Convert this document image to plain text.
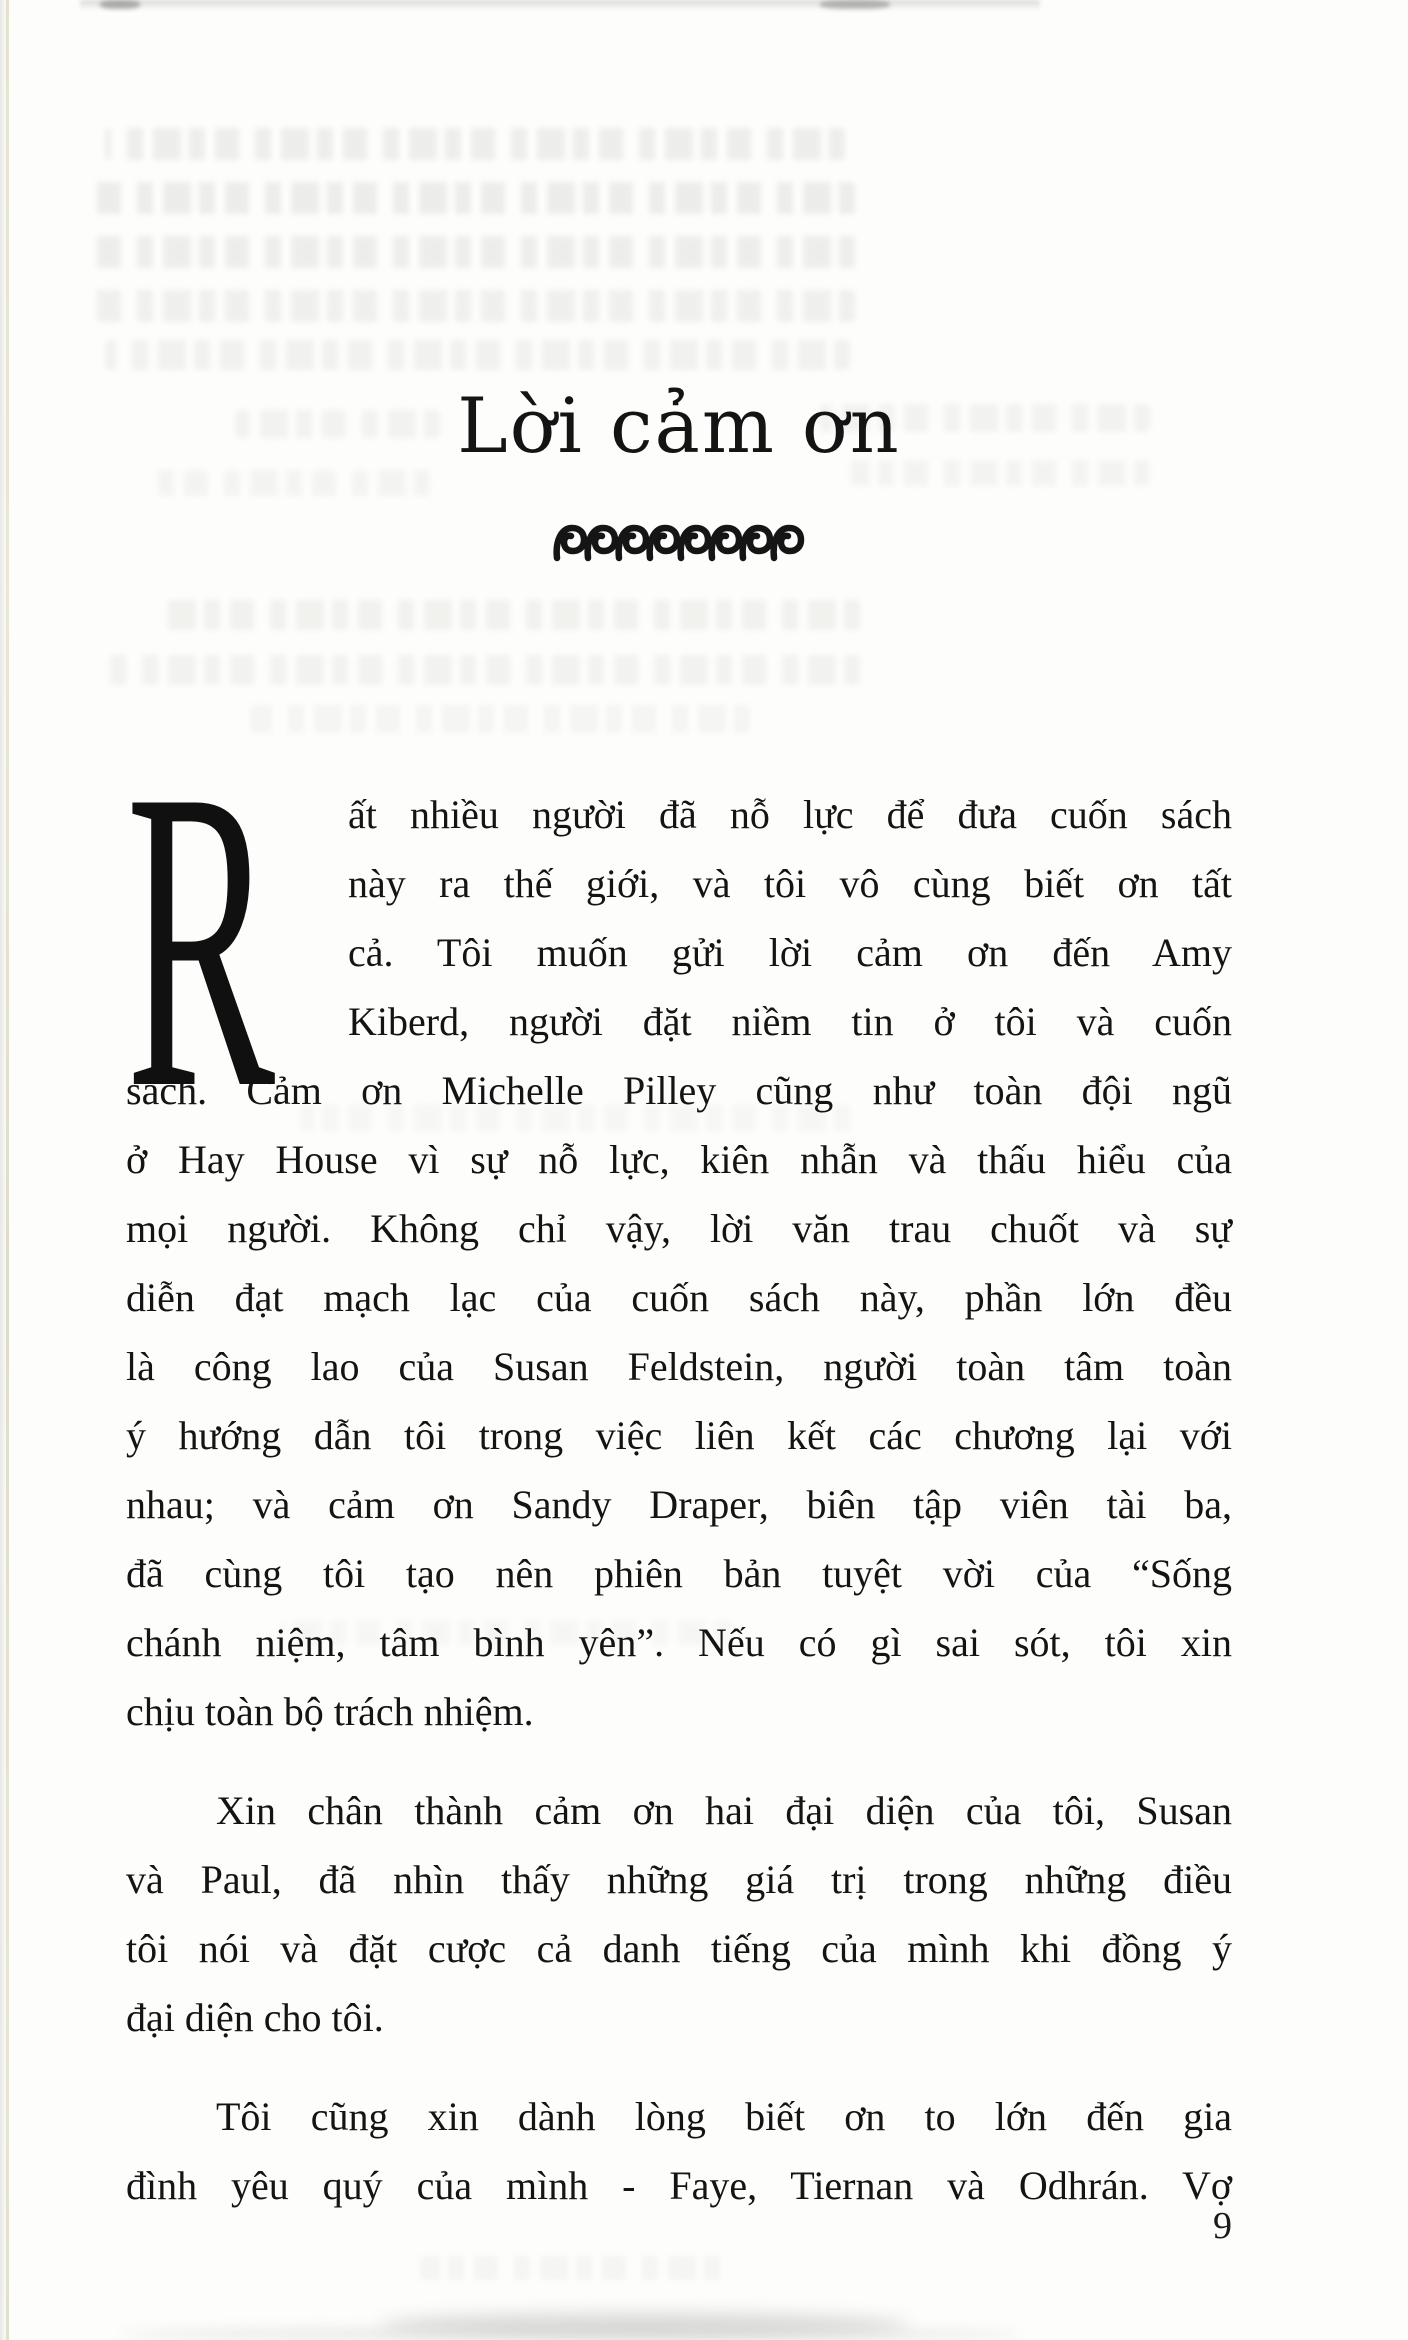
Lời cảm ơn
R	ất nhiều người đã nỗ lực để đưa cuốn sách
này ra thế giới, và tôi vô cùng biết ơn tất
cả. Tôi muốn gửi lời cảm ơn đến Amy
Kiberd, người đặt niềm tin ở tôi và cuốn
sách. Cảm ơn Michelle Pilley cũng như toàn đội ngũ
ở Hay House vì sự nỗ lực, kiên nhẫn và thấu hiểu của
mọi người. Không chỉ vậy, lời văn trau chuốt và sự
diễn đạt mạch lạc của cuốn sách này, phần lớn đều
là công lao của Susan Feldstein, người toàn tâm toàn
ý hướng dẫn tôi trong việc liên kết các chương lại với
nhau; và cảm ơn Sandy Draper, biên tập viên tài ba,
đã cùng tôi tạo nên phiên bản tuyệt vời của “Sống
chánh niệm, tâm bình yên”. Nếu có gì sai sót, tôi xin
chịu toàn bộ trách nhiệm.
Xin chân thành cảm ơn hai đại diện của tôi, Susan
và Paul, đã nhìn thấy những giá trị trong những điều
tôi nói và đặt cược cả danh tiếng của mình khi đồng ý
đại diện cho tôi.
Tôi cũng xin dành lòng biết ơn to lớn đến gia
đình yêu quý của mình - Faye, Tiernan và Odhrán. Vợ
9
